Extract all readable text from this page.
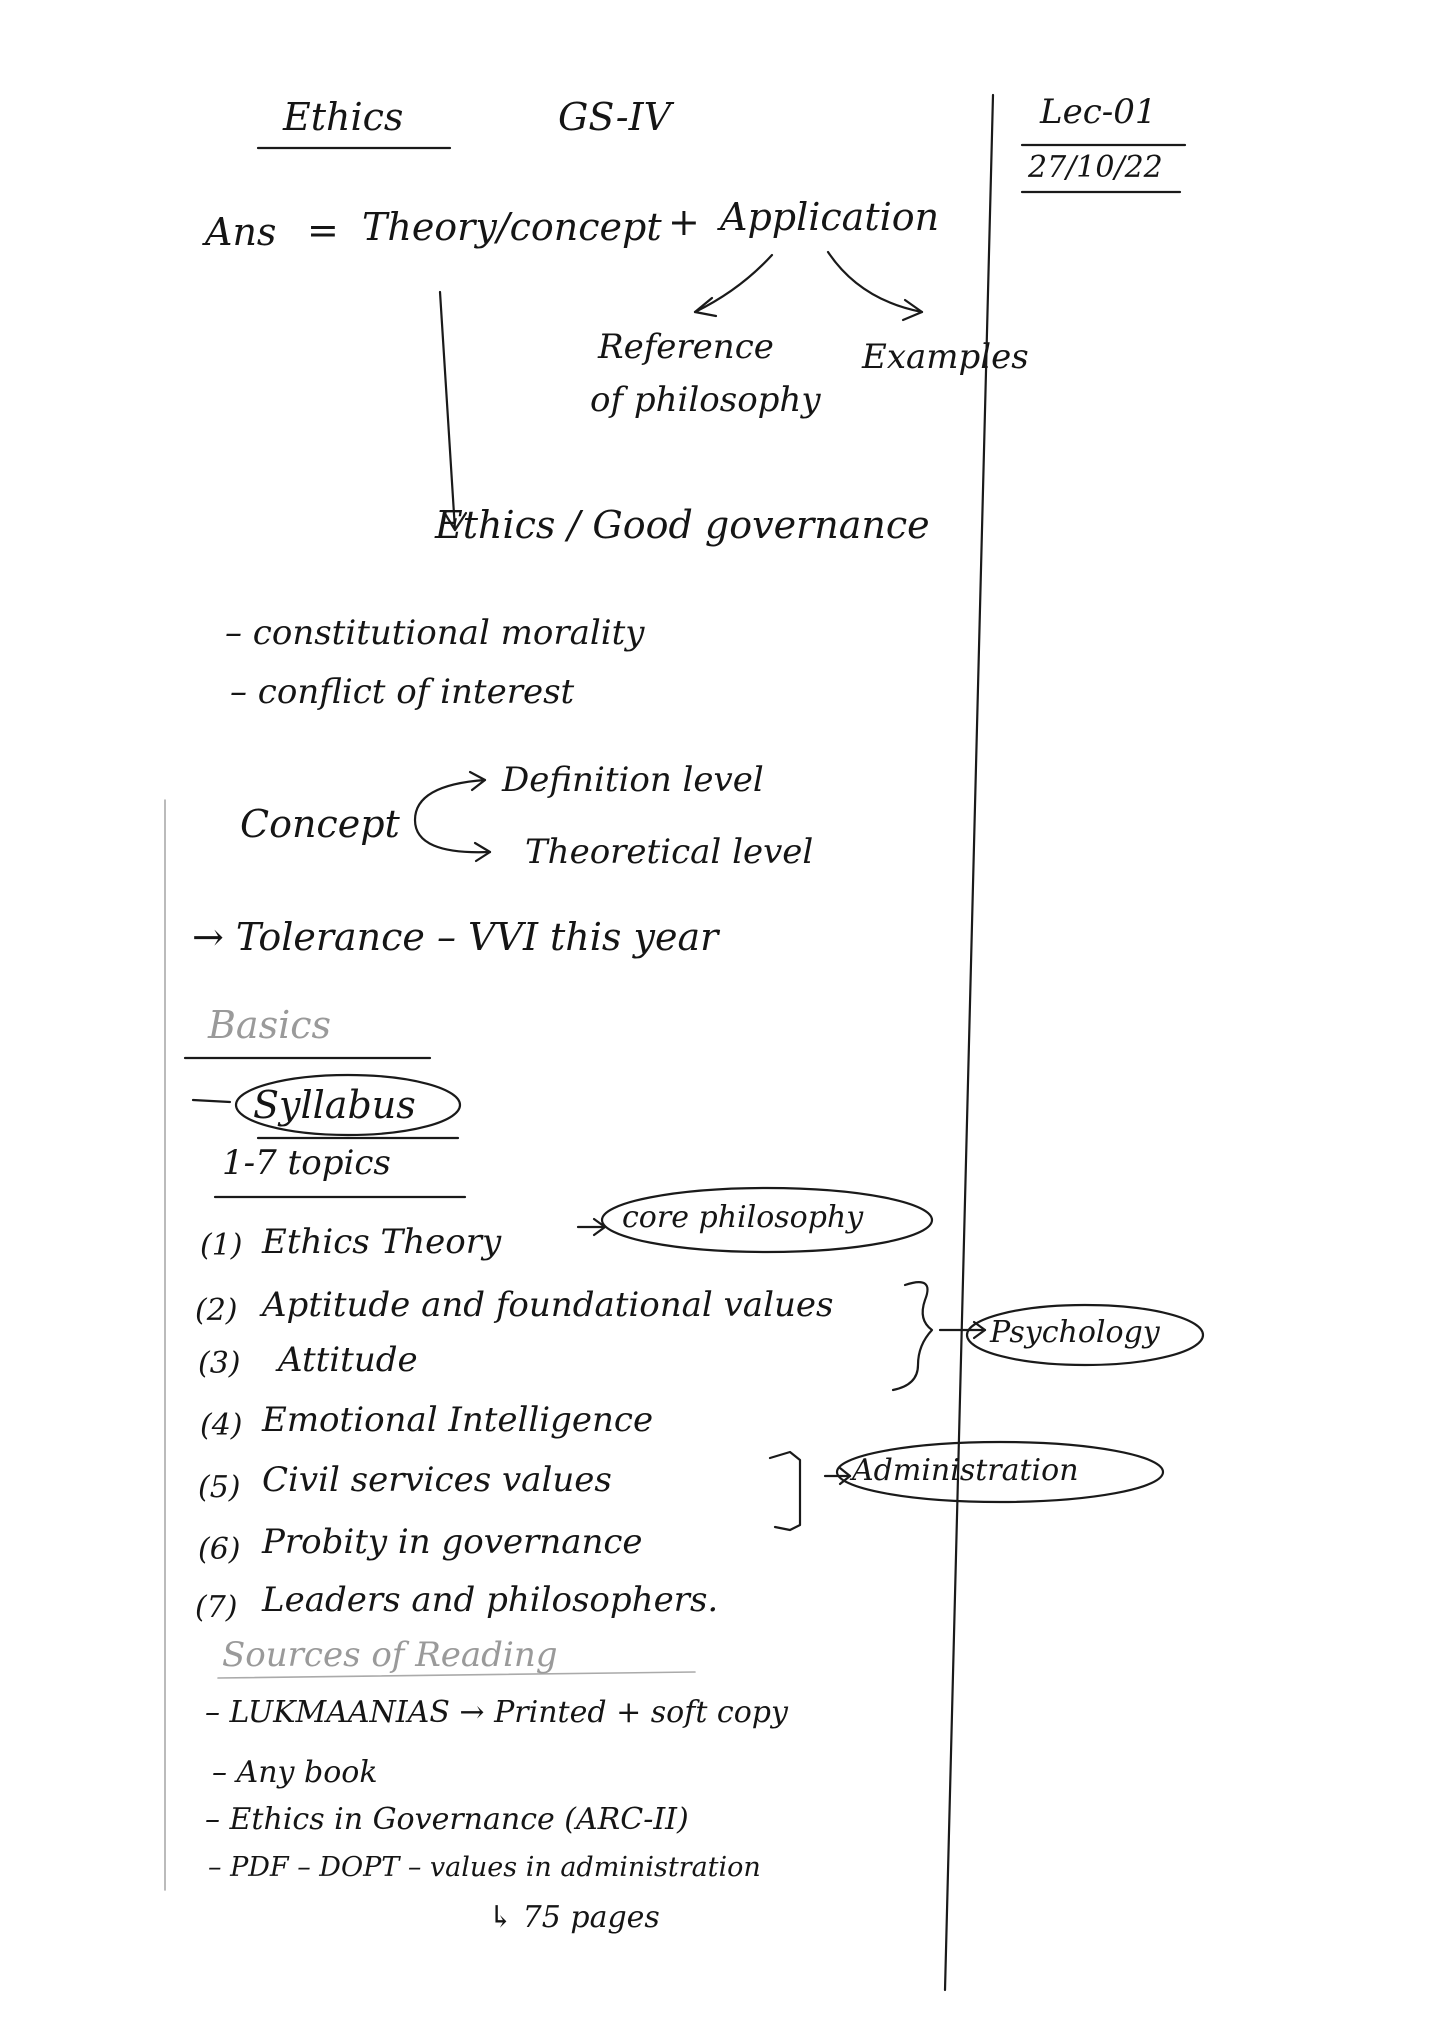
Ethics	GS-IV	Lec-01
27/10/22
Ans = Theory/concept + Application
Reference
of philosophy
Examples
Ethics / Good governance
– constitutional morality
– conflict of interest
Concept
Definition level
Theoretical level
→ Tolerance – VVI this year
Basics
Syllabus
1-7 topics
(1) Ethics Theory
core philosophy
(2) Aptitude and foundational values
(3) Attitude
Psychology
(4) Emotional Intelligence
(5) Civil services values	Administration
(6) Probity in governance
(7) Leaders and philosophers.
Sources of Reading
– LUKMAANIAS → Printed + soft copy
– Any book
– Ethics in Governance (ARC-II)
– PDF – DOPT – values in administration
↳ 75 pages
